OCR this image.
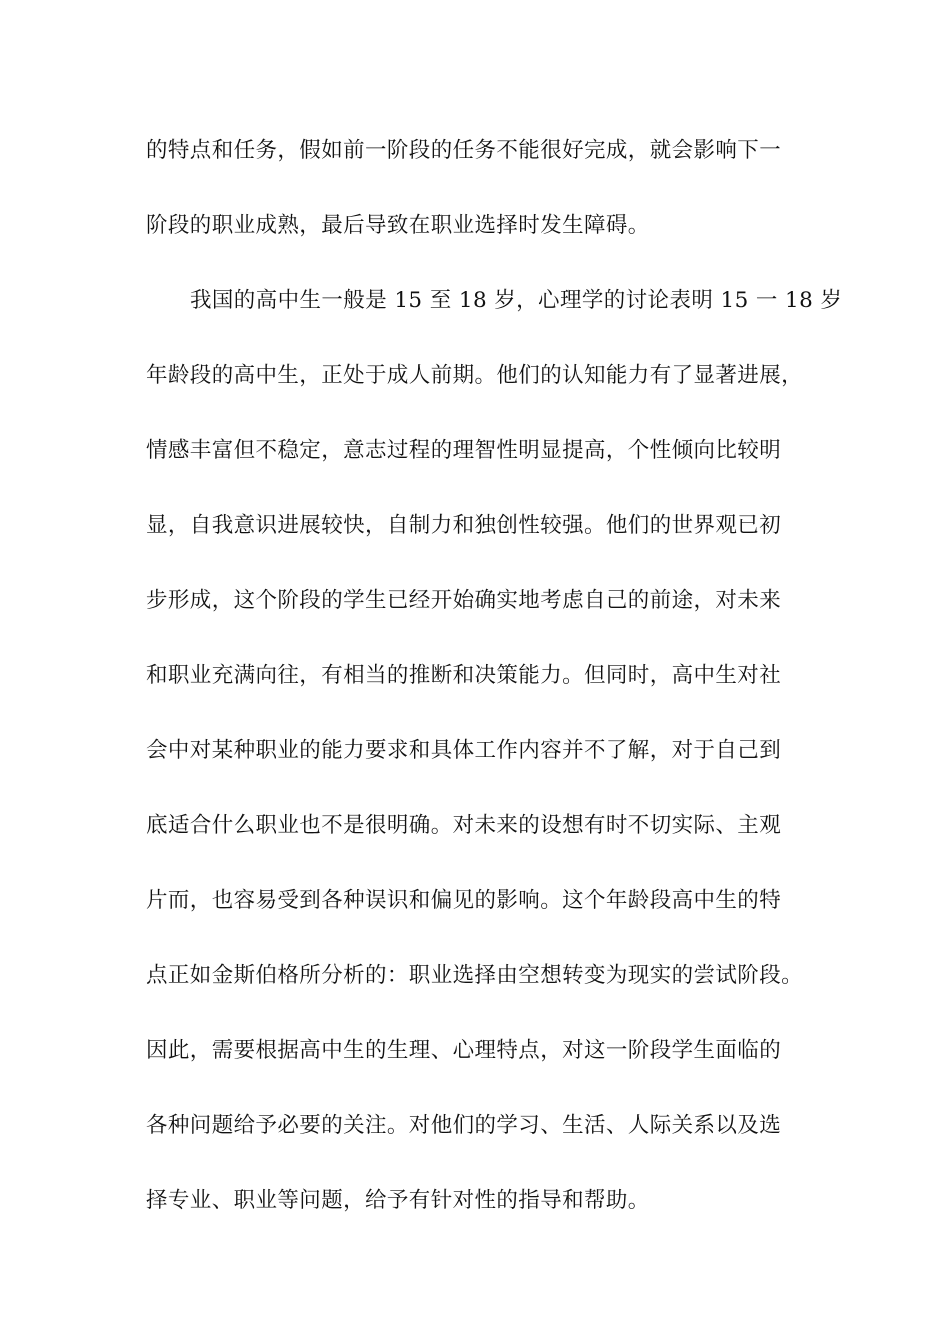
的特点和任务，假如前一阶段的任务不能很好完成，就会影响下一
阶段的职业成熟，最后导致在职业选择时发生障碍。
我国的高中生一般是 15 至 18 岁，心理学的讨论表明 15 一 18 岁
年龄段的高中生，正处于成人前期。他们的认知能力有了显著进展，
情感丰富但不稳定，意志过程的理智性明显提高，个性倾向比较明
显，自我意识进展较快，自制力和独创性较强。他们的世界观已初
步形成，这个阶段的学生已经开始确实地考虑自己的前途，对未来
和职业充满向往，有相当的推断和决策能力。但同时，高中生对社
会中对某种职业的能力要求和具体工作内容并不了解，对于自己到
底适合什么职业也不是很明确。对未来的设想有时不切实际、主观
片而，也容易受到各种误识和偏见的影响。这个年龄段高中生的特
点正如金斯伯格所分析的：职业选择由空想转变为现实的尝试阶段。
因此，需要根据高中生的生理、心理特点，对这一阶段学生面临的
各种问题给予必要的关注。对他们的学习、生活、人际关系以及选
择专业、职业等问题，给予有针对性的指导和帮助。
